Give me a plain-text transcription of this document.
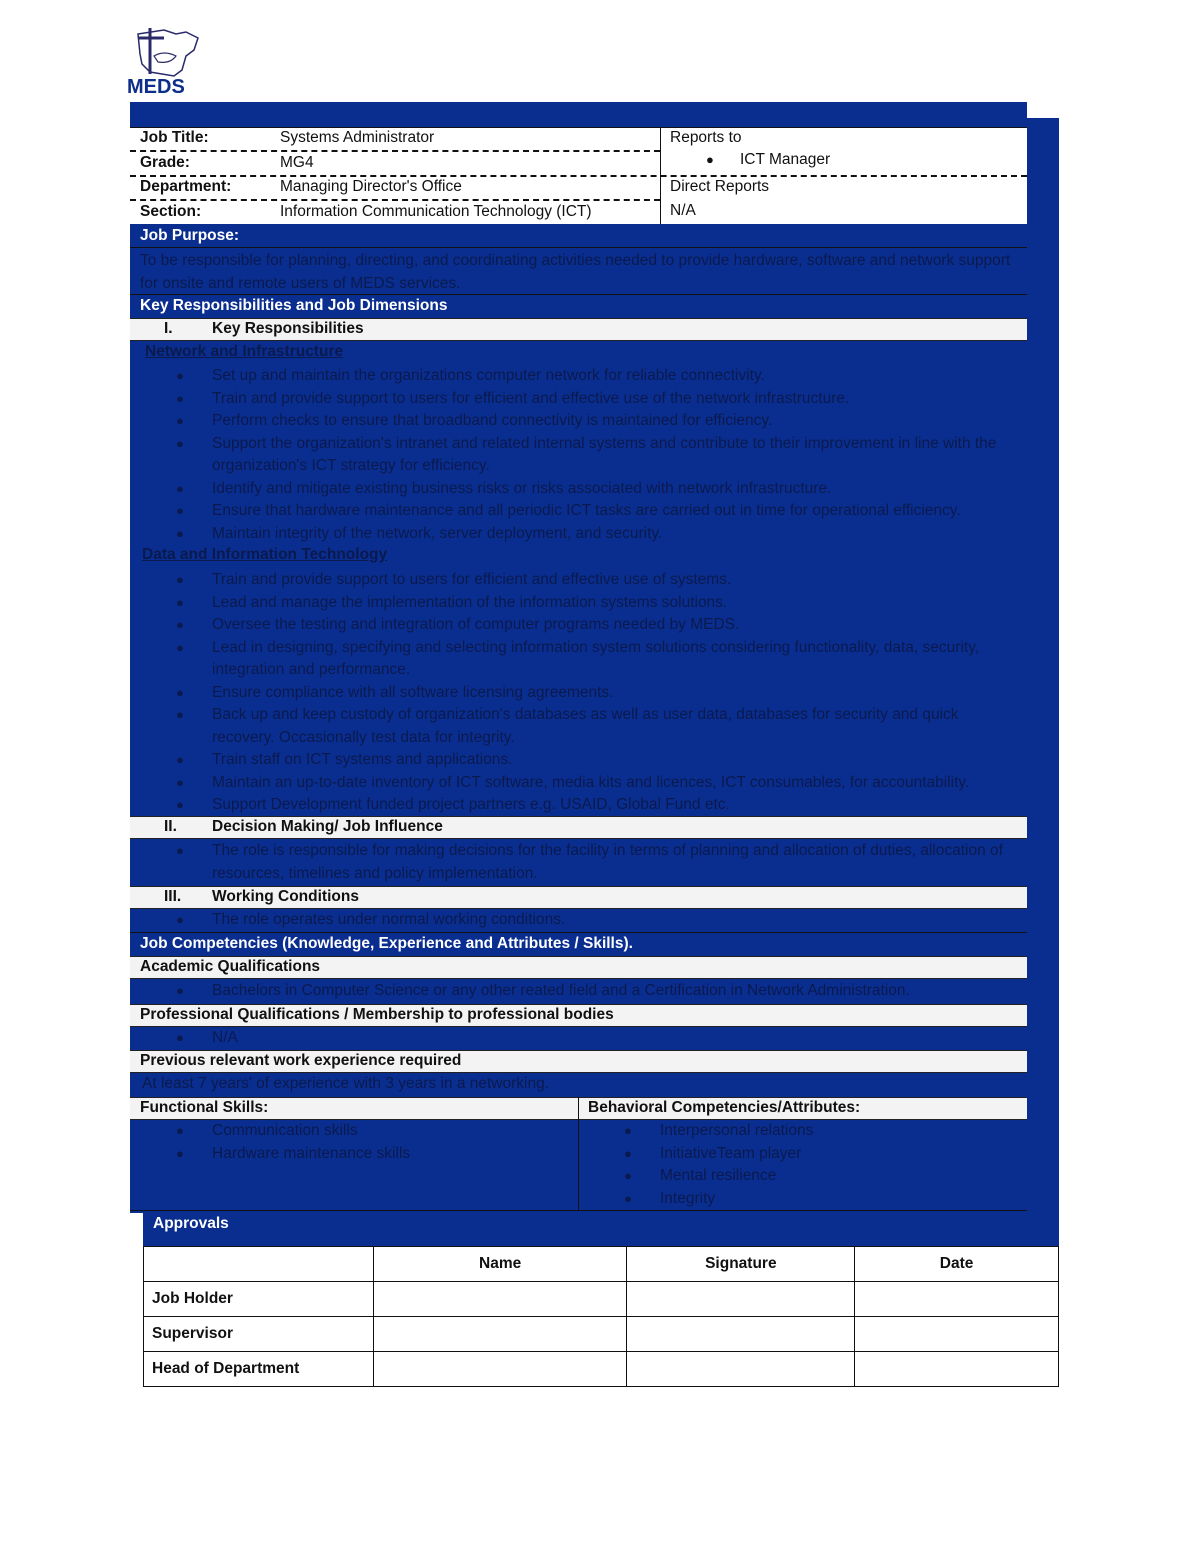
MEDS
Job Title:	Systems Administrator
Grade:	MG4
Department:	Managing Director's Office
Section:	Information Communication Technology (ICT)
Reports to
● ICT Manager
Direct Reports
N/A
Job Purpose:
To be responsible for planning, directing, and coordinating activities needed to provide hardware, software and network support for onsite and remote users of MEDS services.
Key Responsibilities and Job Dimensions
I.	Key Responsibilities
Network and Infrastructure
● Set up and maintain the organizations computer network for reliable connectivity.
● Train and provide support to users for efficient and effective use of the network infrastructure.
● Perform checks to ensure that broadband connectivity is maintained for efficiency.
● Support the organization's intranet and related internal systems and contribute to their improvement in line with the organization's ICT strategy for efficiency.
● Identify and mitigate existing business risks or risks associated with network infrastructure.
● Ensure that hardware maintenance and all periodic ICT tasks are carried out in time for operational efficiency.
● Maintain integrity of the network, server deployment, and security.
Data and Information Technology
● Train and provide support to users for efficient and effective use of systems.
● Lead and manage the implementation of the information systems solutions.
● Oversee the testing and integration of computer programs needed by MEDS.
● Lead in designing, specifying and selecting information system solutions considering functionality, data, security, integration and performance.
● Ensure compliance with all software licensing agreements.
● Back up and keep custody of organization's databases as well as user data, databases for security and quick recovery. Occasionally test data for integrity.
● Train staff on ICT systems and applications.
● Maintain an up-to-date inventory of ICT software, media kits and licences, ICT consumables, for accountability.
● Support Development funded project partners e.g. USAID, Global Fund etc.
II. Decision Making/ Job Influence
● The role is responsible for making decisions for the facility in terms of planning and allocation of duties, allocation of resources, timelines and policy implementation.
III. Working Conditions
● The role operates under normal working conditions.
Job Competencies (Knowledge, Experience and Attributes / Skills).
Academic Qualifications
● Bachelors in Computer Science or any other reated field and a Certification in Network Administration.
Professional Qualifications / Membership to professional bodies
● N/A
Previous relevant work experience required
At least 7 years' of experience with 3 years in a networking.
Functional Skills:	Behavioral Competencies/Attributes:
● Communication skills
● Hardware maintenance skills
● Interpersonal relations
● InitiativeTeam player
● Mental resilience
● Integrity
Approvals
	Name	Signature	Date
Job Holder			
Supervisor			
Head of Department			
